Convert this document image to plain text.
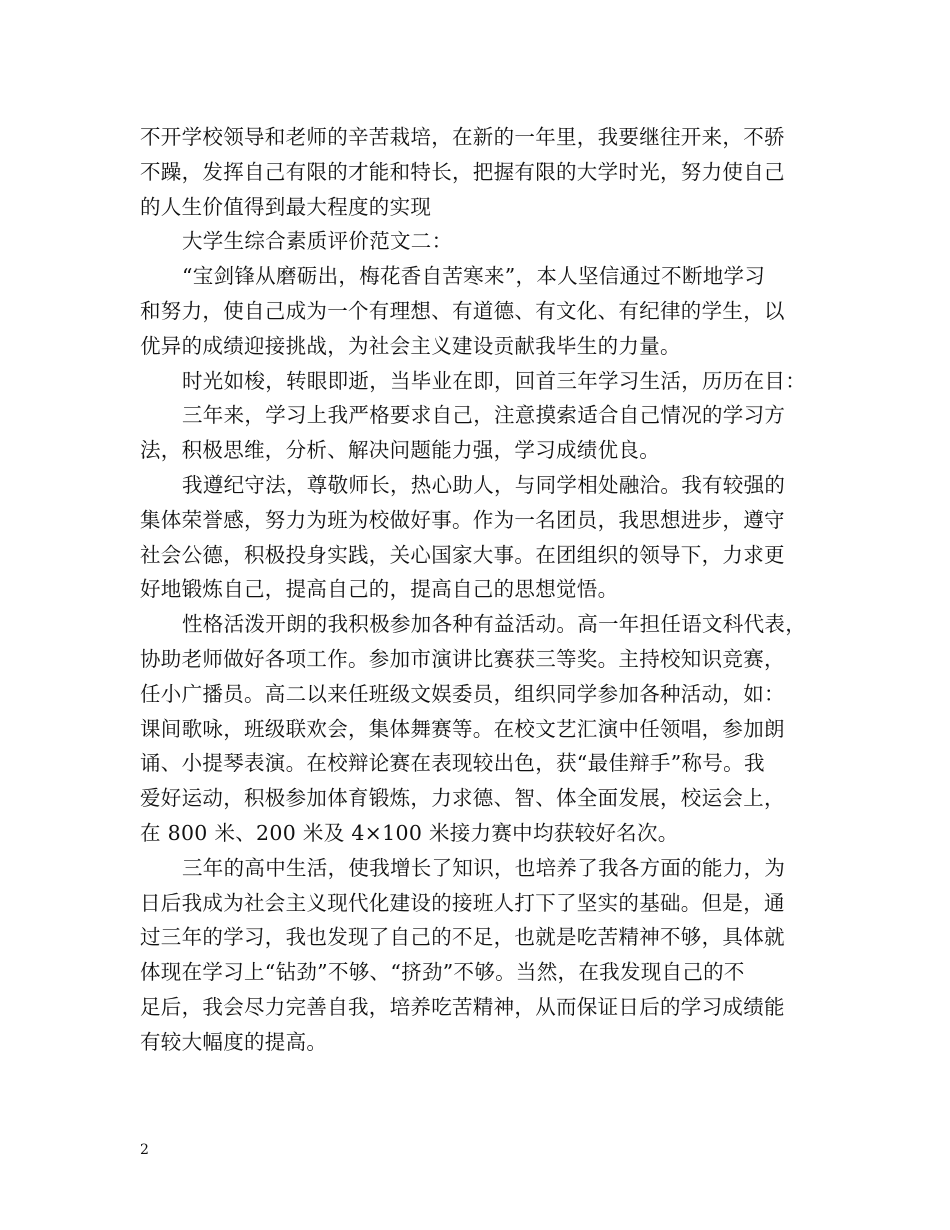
不开学校领导和老师的辛苦栽培，在新的一年里，我要继往开来，不骄
不躁，发挥自己有限的才能和特长，把握有限的大学时光，努力使自己
的人生价值得到最大程度的实现
大学生综合素质评价范文二：
“宝剑锋从磨砺出，梅花香自苦寒来”，本人坚信通过不断地学习
和努力，使自己成为一个有理想、有道德、有文化、有纪律的学生，以
优异的成绩迎接挑战，为社会主义建设贡献我毕生的力量。
时光如梭，转眼即逝，当毕业在即，回首三年学习生活，历历在目：
三年来，学习上我严格要求自己，注意摸索适合自己情况的学习方
法，积极思维，分析、解决问题能力强，学习成绩优良。
我遵纪守法，尊敬师长，热心助人，与同学相处融洽。我有较强的
集体荣誉感，努力为班为校做好事。作为一名团员，我思想进步，遵守
社会公德，积极投身实践，关心国家大事。在团组织的领导下，力求更
好地锻炼自己，提高自己的，提高自己的思想觉悟。
性格活泼开朗的我积极参加各种有益活动。高一年担任语文科代表，
协助老师做好各项工作。参加市演讲比赛获三等奖。主持校知识竞赛，
任小广播员。高二以来任班级文娱委员，组织同学参加各种活动，如：
课间歌咏，班级联欢会，集体舞赛等。在校文艺汇演中任领唱，参加朗
诵、小提琴表演。在校辩论赛在表现较出色，获“最佳辩手”称号。我
爱好运动，积极参加体育锻炼，力求德、智、体全面发展，校运会上，
在 800 米、200 米及 4×100 米接力赛中均获较好名次。
三年的高中生活，使我增长了知识，也培养了我各方面的能力，为
日后我成为社会主义现代化建设的接班人打下了坚实的基础。但是，通
过三年的学习，我也发现了自己的不足，也就是吃苦精神不够，具体就
体现在学习上“钻劲”不够、“挤劲”不够。当然，在我发现自己的不
足后，我会尽力完善自我，培养吃苦精神，从而保证日后的学习成绩能
有较大幅度的提高。
2
